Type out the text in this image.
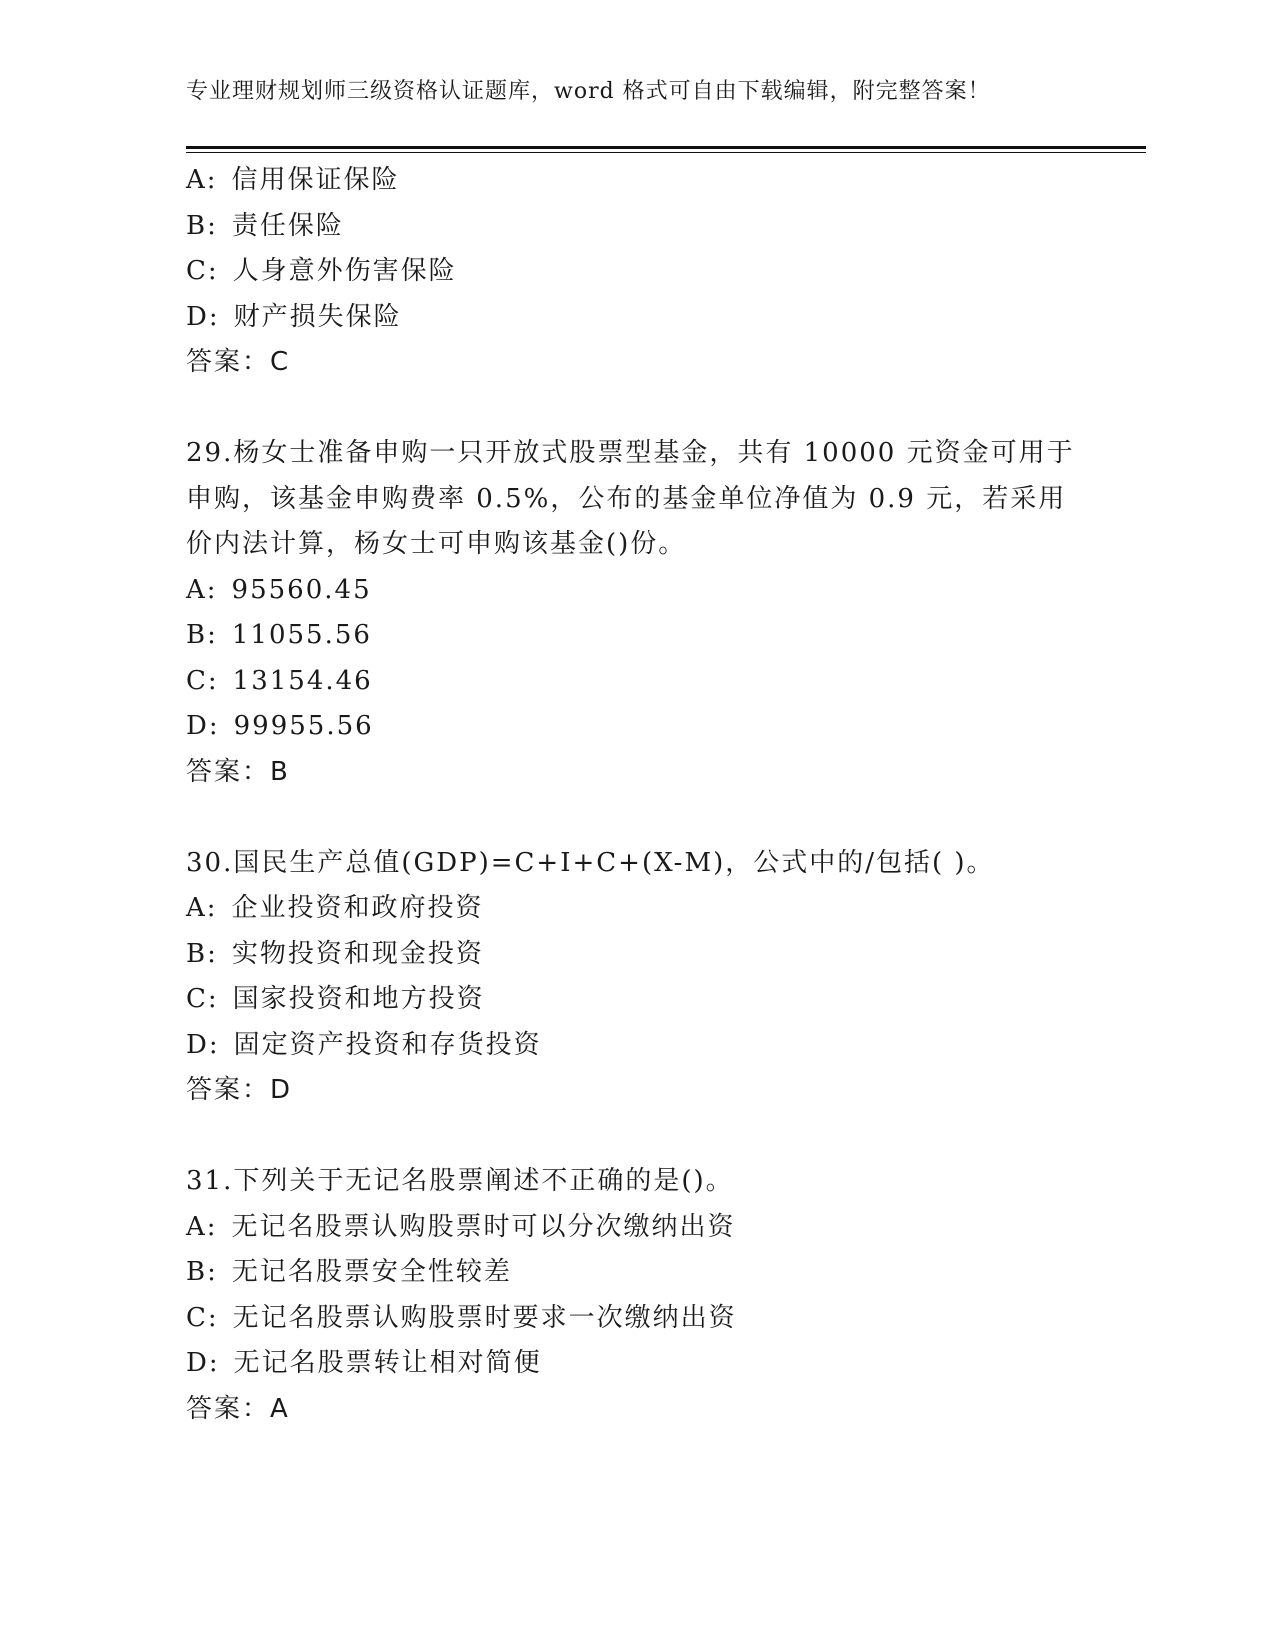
专业理财规划师三级资格认证题库，word 格式可自由下载编辑，附完整答案！
A: 信用保证保险
B: 责任保险
C: 人身意外伤害保险
D: 财产损失保险
答案：C
29.杨女士准备申购一只开放式股票型基金，共有 10000 元资金可用于
申购，该基金申购费率 0.5%，公布的基金单位净值为 0.9 元，若采用
价内法计算，杨女士可申购该基金()份。
A: 95560.45
B: 11055.56
C: 13154.46
D: 99955.56
答案：B
30.国民生产总值(GDP)=C+I+C+(X-M)，公式中的/包括( )。
A: 企业投资和政府投资
B: 实物投资和现金投资
C: 国家投资和地方投资
D: 固定资产投资和存货投资
答案：D
31.下列关于无记名股票阐述不正确的是()。
A: 无记名股票认购股票时可以分次缴纳出资
B: 无记名股票安全性较差
C: 无记名股票认购股票时要求一次缴纳出资
D: 无记名股票转让相对简便
答案：A
